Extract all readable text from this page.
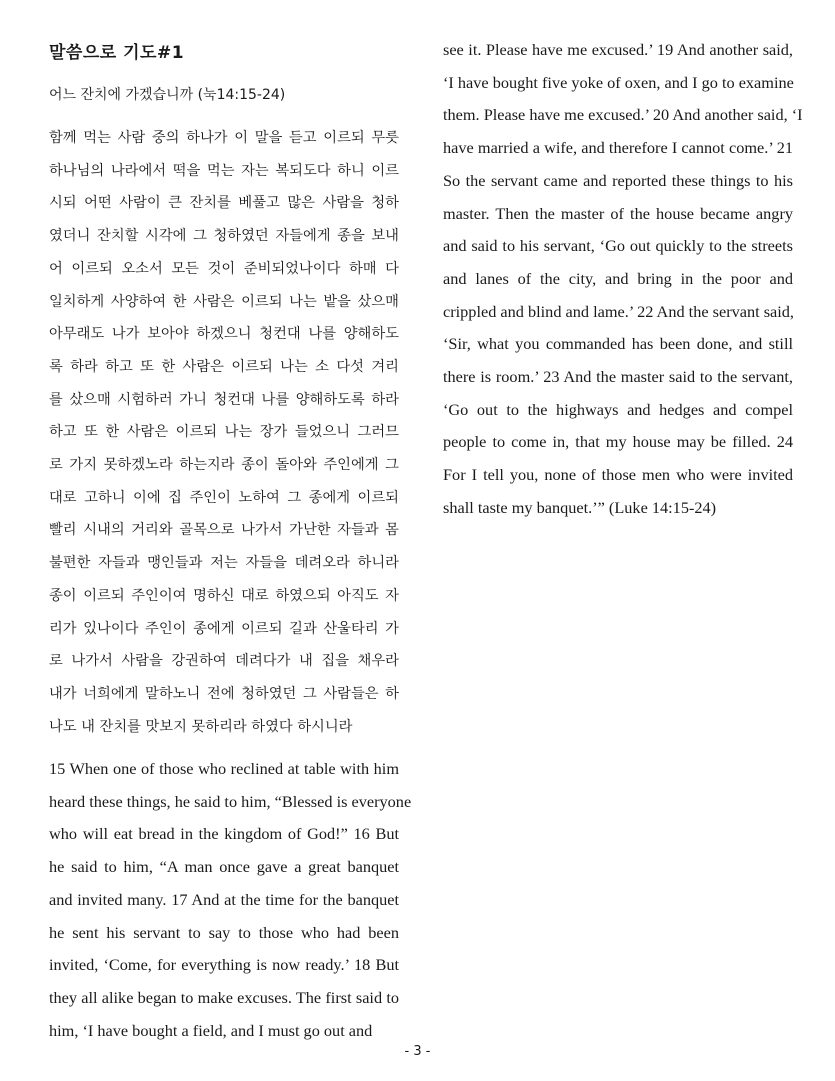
말씀으로 기도#1

어느 잔치에 가겠습니까 (눅14:15-24)

함께 먹는 사람 중의 하나가 이 말을 듣고 이르되 무릇
하나님의 나라에서 떡을 먹는 자는 복되도다 하니 이르
시되 어떤 사람이 큰 잔치를 베풀고 많은 사람을 청하
였더니 잔치할 시각에 그 청하였던 자들에게 종을 보내
어 이르되 오소서 모든 것이 준비되었나이다 하매 다
일치하게 사양하여 한 사람은 이르되 나는 밭을 샀으매
아무래도 나가 보아야 하겠으니 청컨대 나를 양해하도
록 하라 하고 또 한 사람은 이르되 나는 소 다섯 겨리
를 샀으매 시험하러 가니 청컨대 나를 양해하도록 하라
하고 또 한 사람은 이르되 나는 장가 들었으니 그러므
로 가지 못하겠노라 하는지라 종이 돌아와 주인에게 그
대로 고하니 이에 집 주인이 노하여 그 종에게 이르되
빨리 시내의 거리와 골목으로 나가서 가난한 자들과 몸
불편한 자들과 맹인들과 저는 자들을 데려오라 하니라
종이 이르되 주인이여 명하신 대로 하였으되 아직도 자
리가 있나이다 주인이 종에게 이르되 길과 산울타리 가
로 나가서 사람을 강권하여 데려다가 내 집을 채우라
내가 너희에게 말하노니 전에 청하였던 그 사람들은 하
나도 내 잔치를 맛보지 못하리라 하였다 하시니라
15 When one of those who reclined at table with him
heard these things, he said to him, “Blessed is everyone
who will eat bread in the kingdom of God!” 16 But
he said to him, “A man once gave a great banquet
and invited many. 17 And at the time for the banquet
he sent his servant to say to those who had been
invited, ‘Come, for everything is now ready.’ 18 But
they all alike began to make excuses. The first said to
him, ‘I have bought a field, and I must go out and
see it. Please have me excused.’ 19 And another said,
‘I have bought five yoke of oxen, and I go to examine
them. Please have me excused.’ 20 And another said, ‘I
have married a wife, and therefore I cannot come.’ 21
So the servant came and reported these things to his
master. Then the master of the house became angry
and said to his servant, ‘Go out quickly to the streets
and lanes of the city, and bring in the poor and
crippled and blind and lame.’ 22 And the servant said,
‘Sir, what you commanded has been done, and still
there is room.’ 23 And the master said to the servant,
‘Go out to the highways and hedges and compel
people to come in, that my house may be filled. 24
For I tell you, none of those men who were invited
shall taste my banquet.’” (Luke 14:15-24)
- 3 -
